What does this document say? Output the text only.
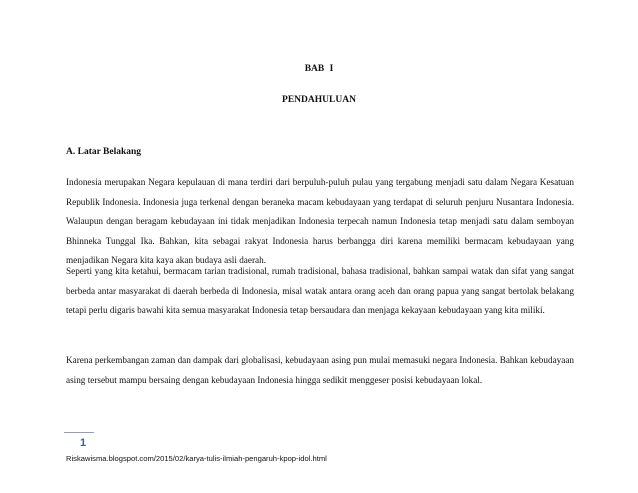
BAB I
PENDAHULUAN
A. Latar Belakang

Indonesia merupakan Negara kepulauan di mana terdiri dari berpuluh-puluh pulau yang tergabung menjadi satu dalam Negara Kesatuan Republik Indonesia. Indonesia juga terkenal dengan beraneka macam kebudayaan yang terdapat di seluruh penjuru Nusantara Indonesia. Walaupun dengan beragam kebudayaan ini tidak menjadikan Indonesia terpecah namun Indonesia tetap menjadi satu dalam semboyan Bhinneka Tunggal Ika. Bahkan, kita sebagai rakyat Indonesia harus berbangga diri karena memiliki bermacam kebudayaan yang menjadikan Negara kita kaya akan budaya asli daerah.

Seperti yang kita ketahui, bermacam tarian tradisional, rumah tradisional, bahasa tradisional, bahkan sampai watak dan sifat yang sangat berbeda antar masyarakat di daerah berbeda di Indonesia, misal watak antara orang aceh dan orang papua yang sangat bertolak belakang tetapi perlu digaris bawahi kita semua masyarakat Indonesia tetap bersaudara dan menjaga kekayaan kebudayaan yang kita miliki.

Karena perkembangan zaman dan dampak dari globalisasi, kebudayaan asing pun mulai memasuki negara Indonesia. Bahkan kebudayaan asing tersebut mampu bersaing dengan kebudayaan Indonesia hingga sedikit menggeser posisi kebudayaan lokal.

1
Riskawisma.blogspot.com/2015/02/karya-tulis-ilmiah-pengaruh-kpop-idol.html
